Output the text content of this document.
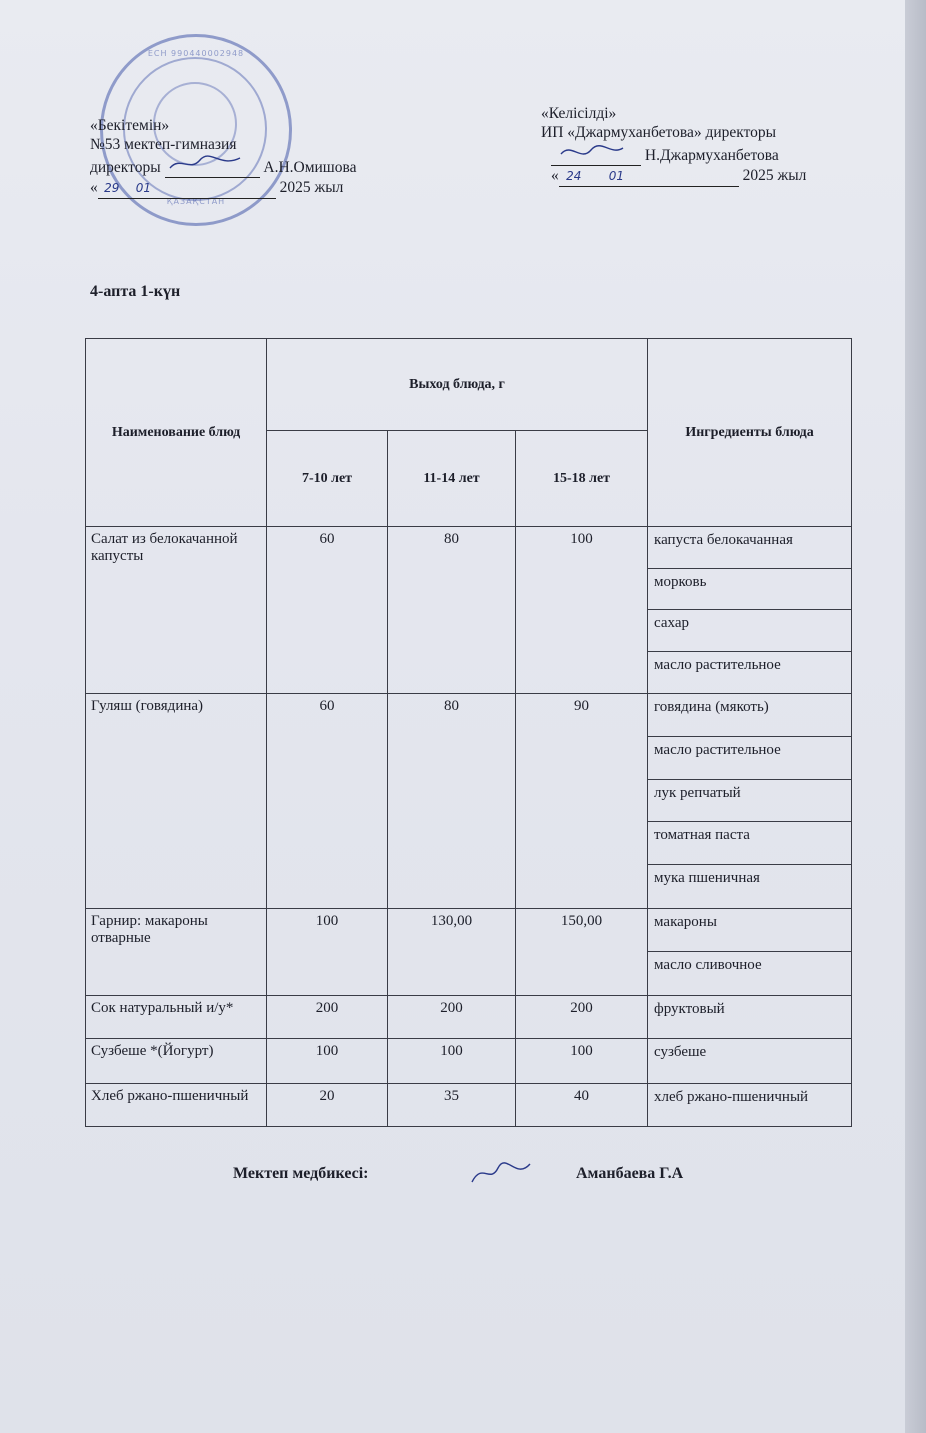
ЕСН 990440002948
ҚАЗАҚСТАН
«Бекітемін»
№53 мектеп-гимназия
директоры	А.Н.Омишова
« 29 01	2025 жыл
«Келісілді»
ИП «Джармуханбетова» директоры
Н.Джармуханбетова
« 24 01	2025 жыл
4-апта 1-күн
Наименование блюд	Выход блюда, г			Ингредиенты блюда
	7-10 лет	11-14 лет	15-18 лет	
Салат из белокачанной капусты	60	80	100	капуста белокачанная
морковь
сахар
масло растительное

Гуляш (говядина)	60	80	90	говядина (мякоть)
масло растительное
лук репчатый
томатная паста
мука пшеничная

Гарнир: макароны отварные	100	130,00	150,00	макароны
масло сливочное

Сок натуральный и/у*	200	200	200	фруктовый

Сузбеше *(Йогурт)	100	100	100	сузбеше

Хлеб ржано-пшеничный	20	35	40	хлеб ржано-пшеничный
Мектеп медбикесі:	Аманбаева Г.А
